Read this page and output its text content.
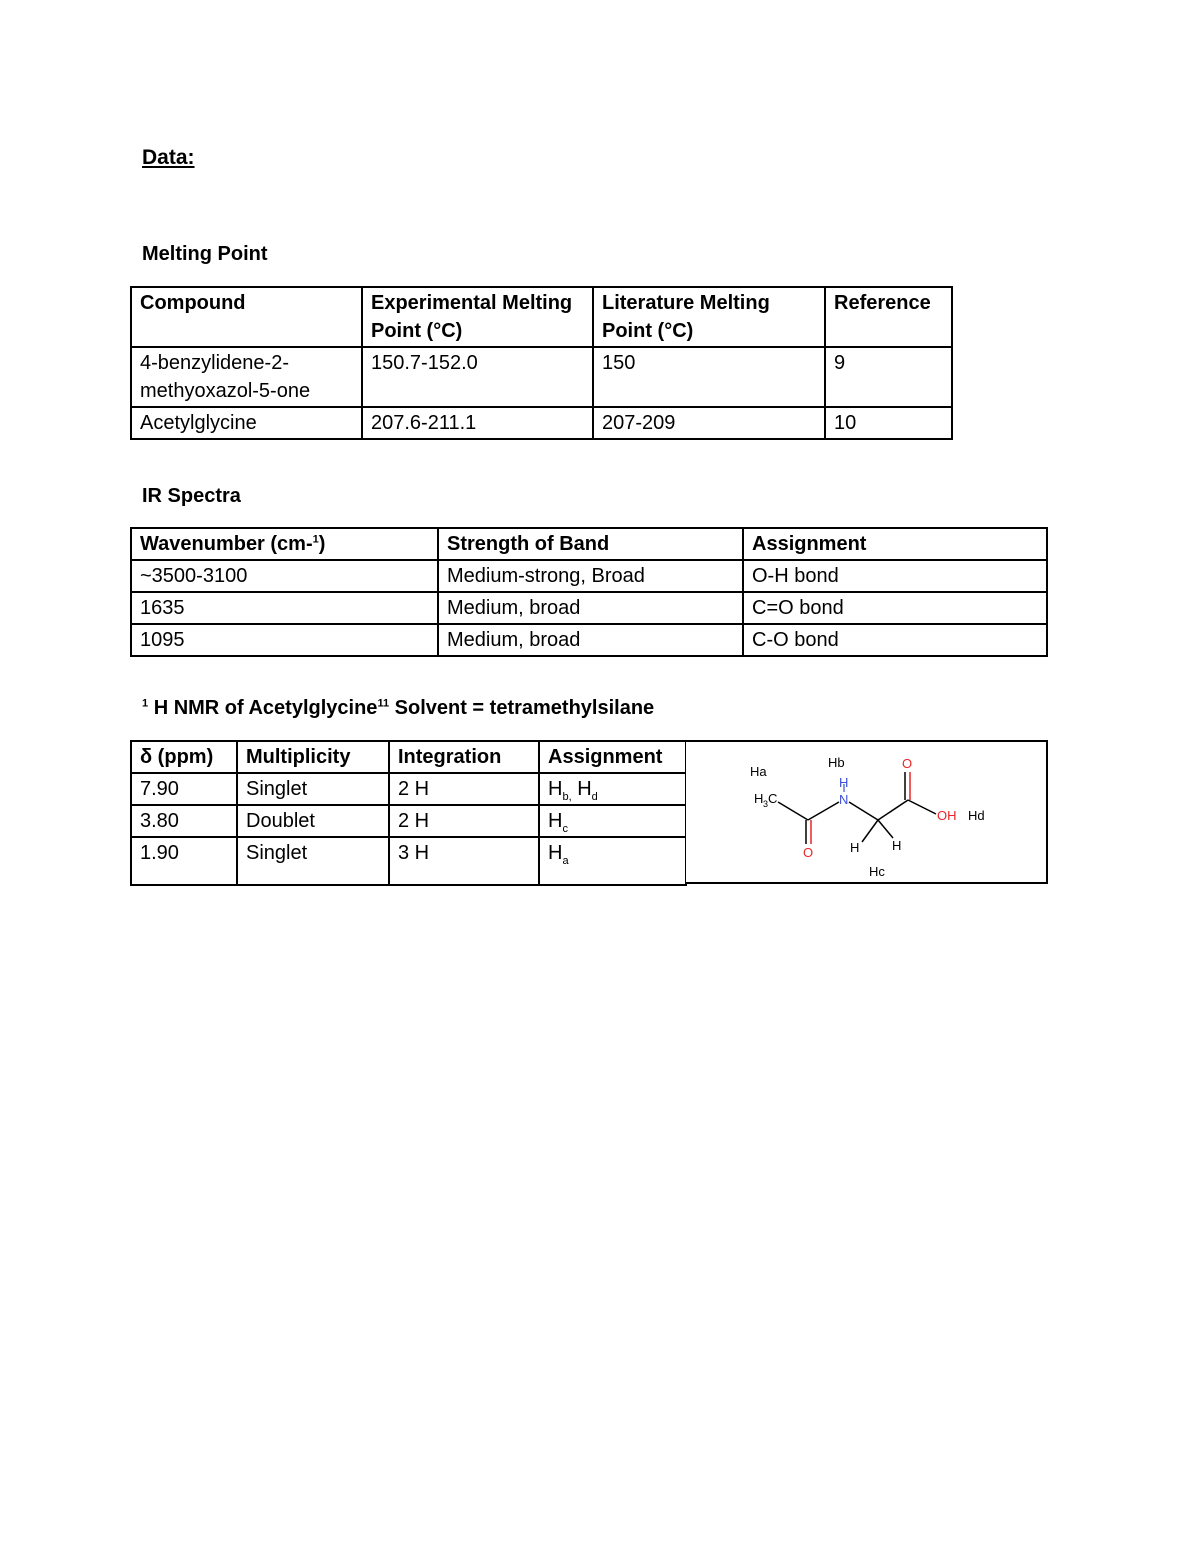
Data:
Melting Point
Compound	Experimental Melting Point (°C)	Literature Melting Point (°C)	Reference
4-benzylidene-2-methyoxazol-5-one	150.7-152.0	150	9
Acetylglycine	207.6-211.1	207-209	10
IR Spectra
Wavenumber (cm-$^1$)	Strength of Band	Assignment
~3500-3100	Medium-strong, Broad	O-H bond
1635	Medium, broad	C=O bond
1095	Medium, broad	C-O bond
$^1$ H NMR of Acetylglycine$^{11}$ Solvent = tetramethylsilane
δ (ppm)	Multiplicity	Integration	Assignment
7.90	Singlet	2 H	$H_{b,}$ $H_d$
3.80	Doublet	2 H	$H_c$
1.90	Singlet	3 H	$H_a$
Ha
Hb
Hc
Hd
H 3 C
H
N
O
OH
O	H	H
